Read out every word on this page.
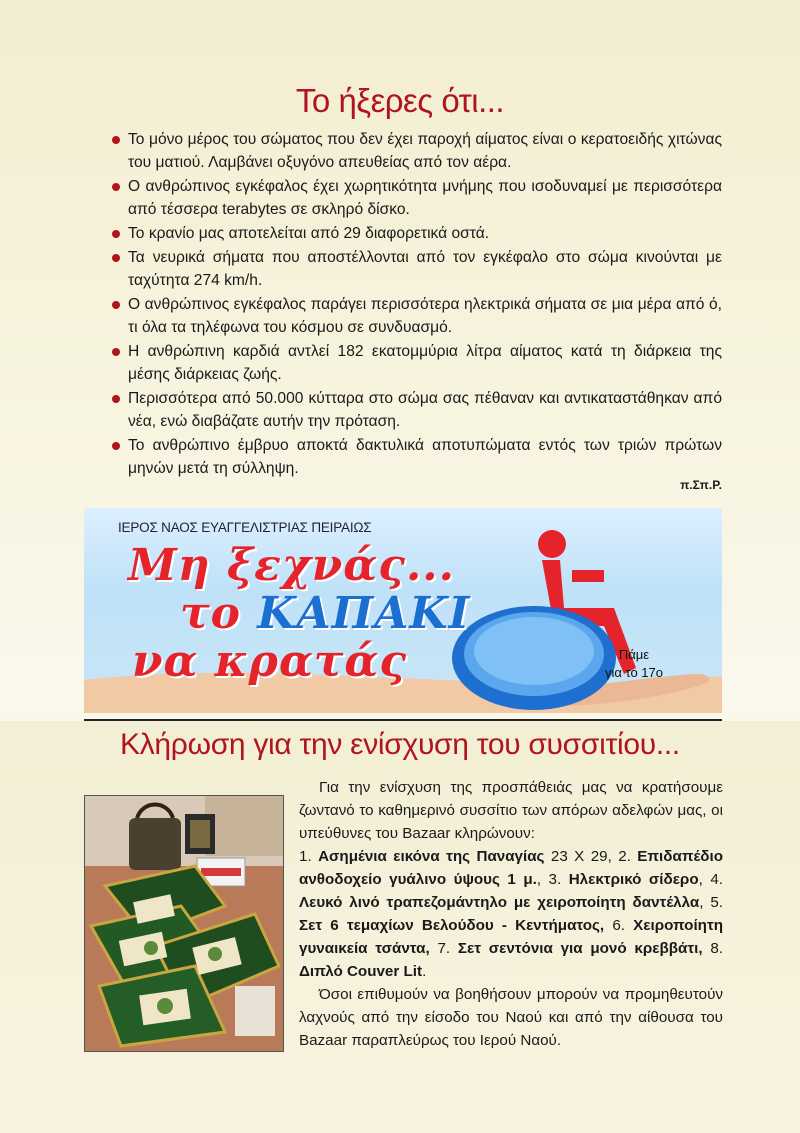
Το ήξερες ότι...
Το μόνο μέρος του σώματος που δεν έχει παροχή αίματος είναι ο κερατοειδής χιτώνας του ματιού. Λαμβάνει οξυγόνο απευθείας από τον αέρα.
Ο ανθρώπινος εγκέφαλος έχει χωρητικότητα μνήμης που ισοδυναμεί με περισσότερα από τέσσερα terabytes σε σκληρό δίσκο.
Το κρανίο μας αποτελείται από 29 διαφορετικά οστά.
Τα νευρικά σήματα που αποστέλλονται από τον εγκέφαλο στο σώμα κινούνται με ταχύτητα 274 km/h.
Ο ανθρώπινος εγκέφαλος παράγει περισσότερα ηλεκτρικά σήματα σε μια μέρα από ό, τι όλα τα τηλέφωνα του κόσμου σε συνδυασμό.
Η ανθρώπινη καρδιά αντλεί 182 εκατομμύρια λίτρα αίματος κατά τη διάρκεια της μέσης διάρκειας ζωής.
Περισσότερα από 50.000 κύτταρα στο σώμα σας πέθαναν και αντικαταστάθηκαν από νέα, ενώ διαβάζατε αυτήν την πρόταση.
Το ανθρώπινο έμβρυο αποκτά δακτυλικά αποτυπώματα εντός των τριών πρώτων μηνών μετά τη σύλληψη.
π.Σπ.Ρ.
ΙΕΡΟΣ ΝΑΟΣ ΕΥΑΓΓΕΛΙΣΤΡΙΑΣ ΠΕΙΡΑΙΩΣ
Μη ξεχνάς...
το ΚΑΠΑΚΙ
να κρατάς	Πάμε
για το 17ο
Κλήρωση για την ενίσχυση του συσσιτίου...

Για την ενίσχυση της προσπάθειάς μας να κρατήσουμε ζωντανό το καθημερινό συσσίτιο των απόρων αδελφών μας, οι υπεύθυνες του Bazaar κληρώνουν:

1. Ασημένια εικόνα της Παναγίας 23 X 29, 2. Επιδαπέδιο ανθοδοχείο γυάλινο ύψους 1 μ., 3. Ηλεκτρικό σίδερο, 4. Λευκό λινό τραπεζομάντηλο με χειροποίητη δαντέλλα, 5. Σετ 6 τεμαχίων Βελούδου - Κεντήματος, 6. Χειροποίητη γυναικεία τσάντα, 7. Σετ σεντόνια για μονό κρεββάτι, 8. Διπλό Couver Lit.

Όσοι επιθυμούν να βοηθήσουν μπορούν να προμηθευτούν λαχνούς από την είσοδο του Ναού και από την αίθουσα του Bazaar παραπλεύρως του Ιερού Ναού.
